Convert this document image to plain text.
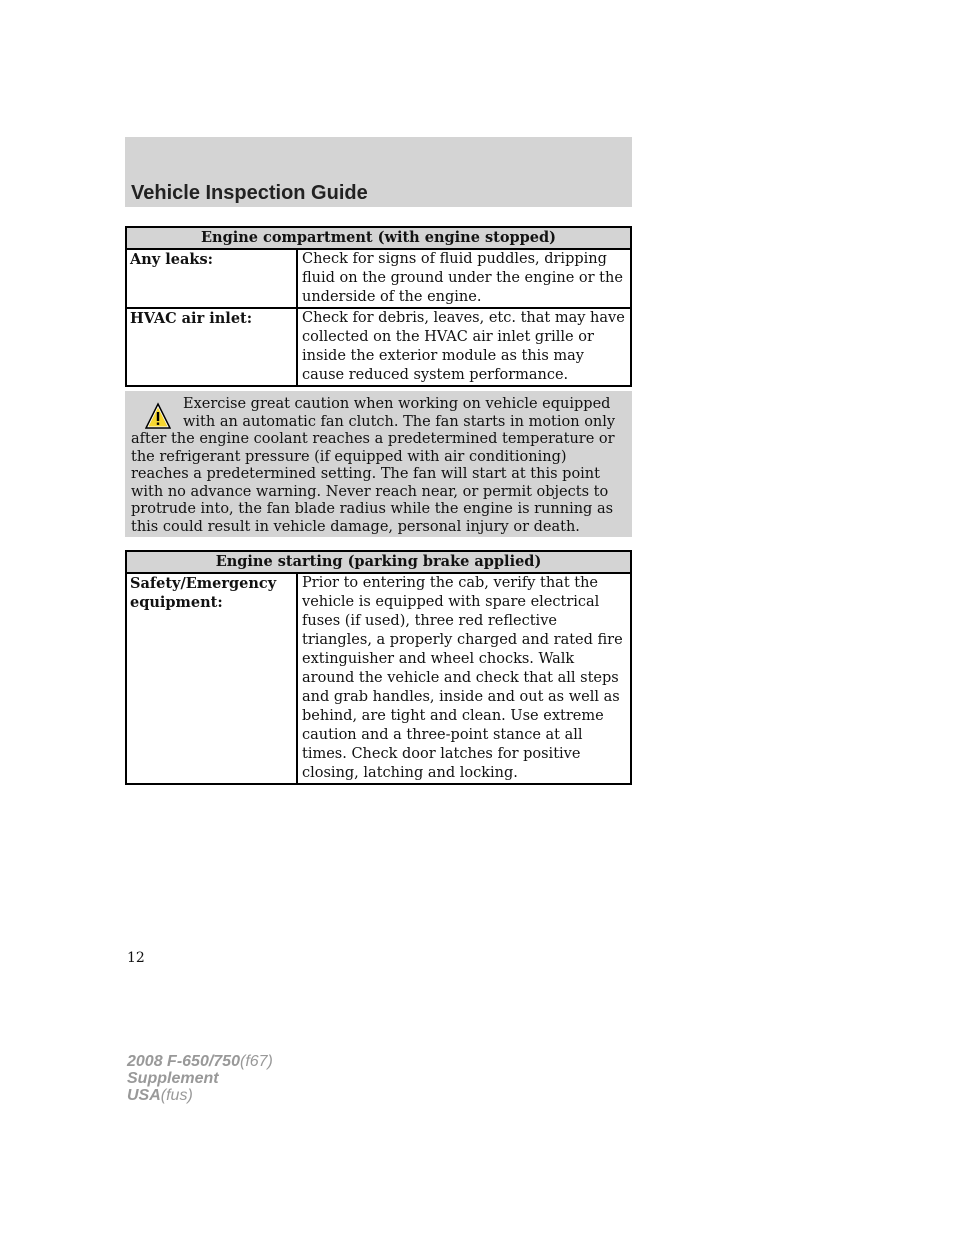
Vehicle Inspection Guide
Engine compartment (with engine stopped)	
Any leaks:	Check for signs of fluid puddles, dripping fluid on the ground under the engine or the underside of the engine.
HVAC air inlet:	Check for debris, leaves, etc. that may have collected on the HVAC air inlet grille or inside the exterior module as this may cause reduced system performance.
Exercise great caution when working on vehicle equipped with an automatic fan clutch. The fan starts in motion only after the engine coolant reaches a predetermined temperature or the refrigerant pressure (if equipped with air conditioning) reaches a predetermined setting. The fan will start at this point with no advance warning. Never reach near, or permit objects to protrude into, the fan blade radius while the engine is running as this could result in vehicle damage, personal injury or death.
Engine starting (parking brake applied)
Safety/Emergency equipment:	Prior to entering the cab, verify that the vehicle is equipped with spare electrical fuses (if used), three red reflective triangles, a properly charged and rated fire extinguisher and wheel chocks. Walk around the vehicle and check that all steps and grab handles, inside and out as well as behind, are tight and clean. Use extreme caution and a three-point stance at all times. Check door latches for positive closing, latching and locking.

12

2008 F-650/750(f67)
Supplement
USA(fus)
